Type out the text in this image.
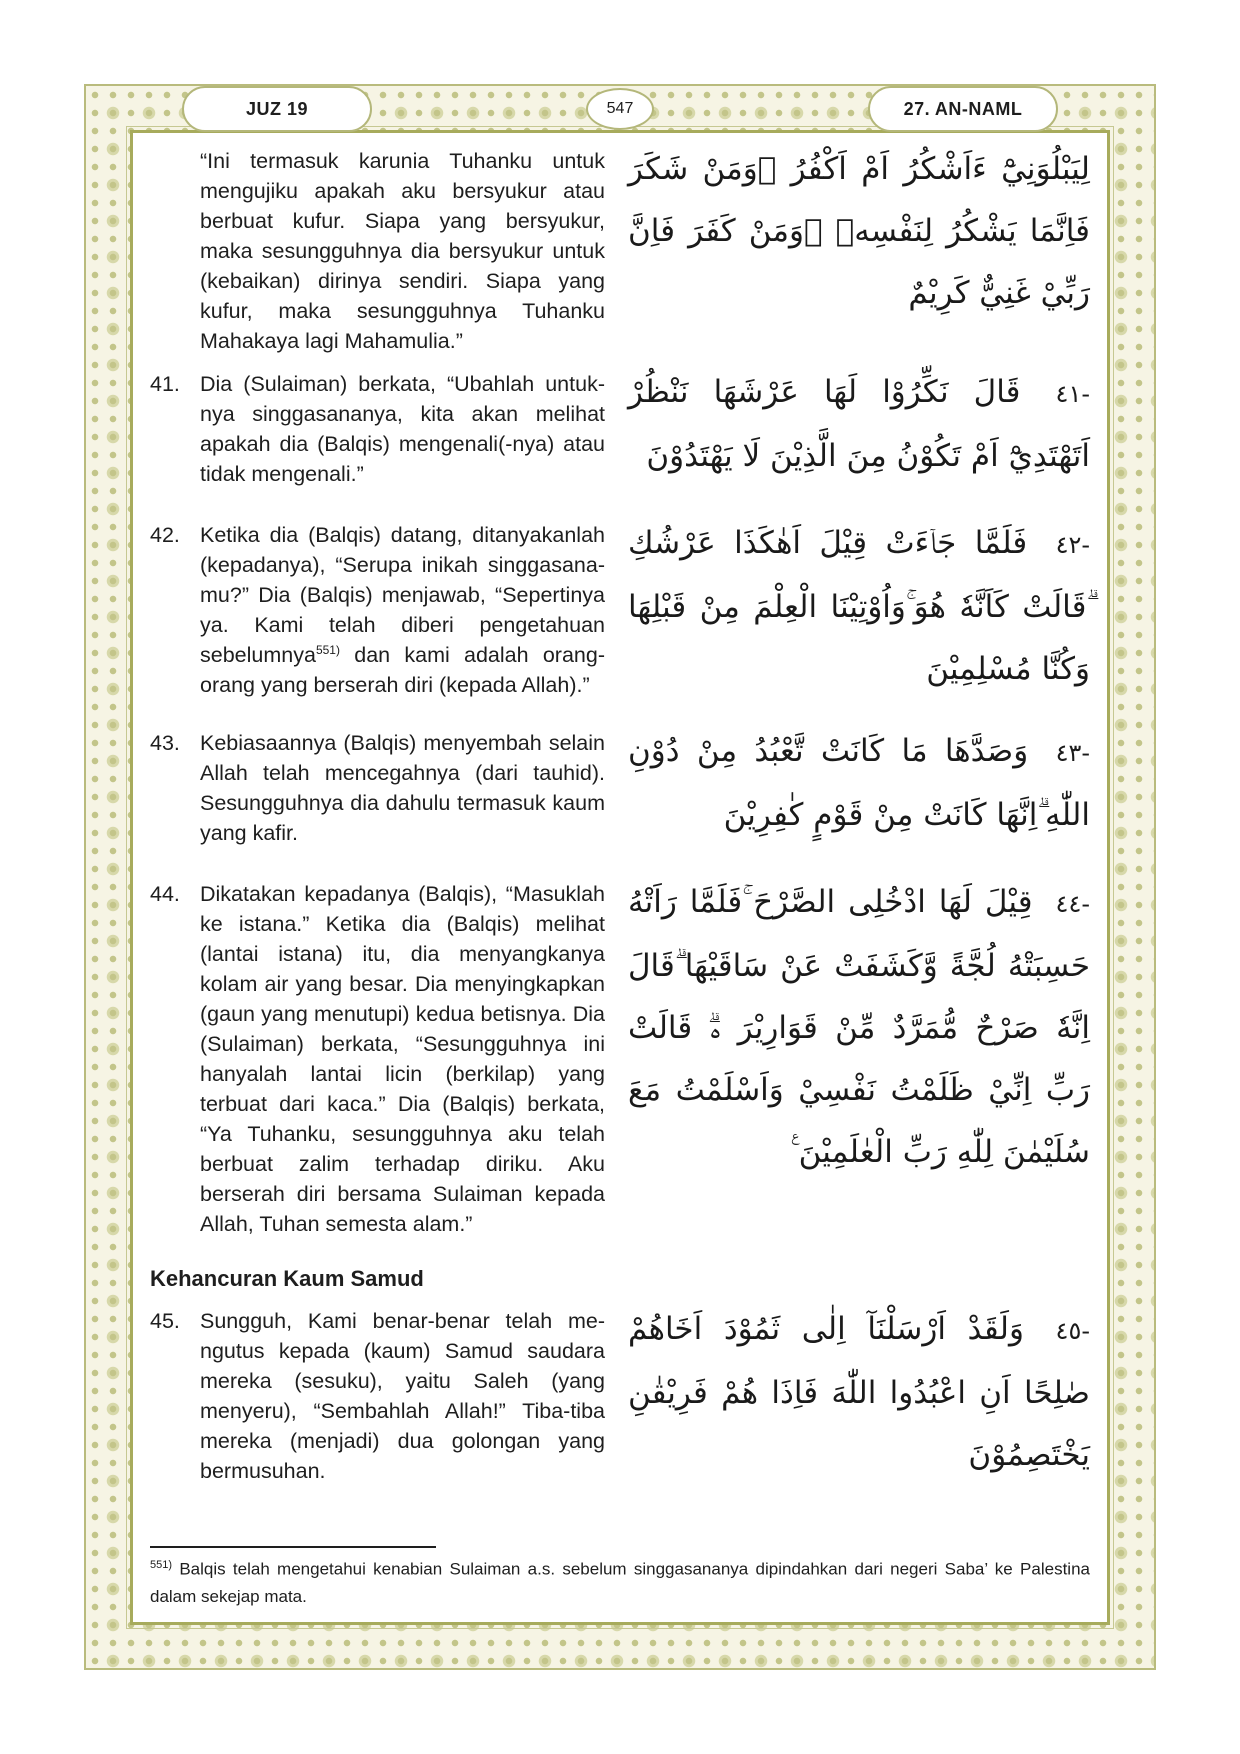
JUZ 19	547	27. AN-NAML
“Ini termasuk karunia Tuhanku untuk mengujiku apakah aku bersyukur atau berbuat kufur. Siapa yang bersyukur, maka sesungguhnya dia bersyukur untuk (kebaikan) dirinya sendiri. Siapa yang kufur, maka sesungguhnya Tuhanku Mahakaya lagi Mahamulia.”
لِيَبْلُوَنِيْٓ ءَاَشْكُرُ اَمْ اَكْفُرُ ۗوَمَنْ شَكَرَ فَاِنَّمَا يَشْكُرُ لِنَفْسِهٖ ۚوَمَنْ كَفَرَ فَاِنَّ رَبِّيْ غَنِيٌّ كَرِيْمٌ
41. Dia (Sulaiman) berkata, “Ubahlah untuknya singgasananya, kita akan melihat apakah dia (Balqis) mengenali(-nya) atau tidak mengenali.”
-٤١ قَالَ نَكِّرُوْا لَهَا عَرْشَهَا نَنْظُرْ اَتَهْتَدِيْٓ اَمْ تَكُوْنُ مِنَ الَّذِيْنَ لَا يَهْتَدُوْنَ
42. Ketika dia (Balqis) datang, ditanyakanlah (kepadanya), “Serupa inikah singgasanamu?” Dia (Balqis) menjawab, “Sepertinya ya. Kami telah diberi pengetahuan sebelumnya$^{551)}$ dan kami adalah orang-orang yang berserah diri (kepada Allah).”
-٤٢ فَلَمَّا جَاۤءَتْ قِيْلَ اَهٰكَذَا عَرْشُكِ ۗقَالَتْ كَاَنَّهٗ هُوَ ۚوَاُوْتِيْنَا الْعِلْمَ مِنْ قَبْلِهَا وَكُنَّا مُسْلِمِيْنَ
43. Kebiasaannya (Balqis) menyembah selain Allah telah mencegahnya (dari tauhid). Sesungguhnya dia dahulu termasuk kaum yang kafir.
-٤٣ وَصَدَّهَا مَا كَانَتْ تَّعْبُدُ مِنْ دُوْنِ اللّٰهِ ۗاِنَّهَا كَانَتْ مِنْ قَوْمٍ كٰفِرِيْنَ
44. Dikatakan kepadanya (Balqis), “Masuklah ke istana.” Ketika dia (Balqis) melihat (lantai istana) itu, dia menyangkanya kolam air yang besar. Dia menyingkapkan (gaun yang menutupi) kedua betisnya. Dia (Sulaiman) berkata, “Sesungguhnya ini hanyalah lantai licin (berkilap) yang terbuat dari kaca.” Dia (Balqis) berkata, “Ya Tuhanku, sesungguhnya aku telah berbuat zalim terhadap diriku. Aku berserah diri bersama Sulaiman kepada Allah, Tuhan semesta alam.”
-٤٤ قِيْلَ لَهَا ادْخُلِى الصَّرْحَ ۚفَلَمَّا رَاَتْهُ حَسِبَتْهُ لُجَّةً وَّكَشَفَتْ عَنْ سَاقَيْهَا ۗقَالَ اِنَّهٗ صَرْحٌ مُّمَرَّدٌ مِّنْ قَوَارِيْرَ ەۗ قَالَتْ رَبِّ اِنِّيْ ظَلَمْتُ نَفْسِيْ وَاَسْلَمْتُ مَعَ سُلَيْمٰنَ لِلّٰهِ رَبِّ الْعٰلَمِيْنَ ࣖ
Kehancuran Kaum Samud
45. Sungguh, Kami benar-benar telah mengutus kepada (kaum) Samud saudara mereka (sesuku), yaitu Saleh (yang menyeru), “Sembahlah Allah!” Tiba-tiba mereka (menjadi) dua golongan yang bermusuhan.
-٤٥ وَلَقَدْ اَرْسَلْنَآ اِلٰى ثَمُوْدَ اَخَاهُمْ صٰلِحًا اَنِ اعْبُدُوا اللّٰهَ فَاِذَا هُمْ فَرِيْقٰنِ يَخْتَصِمُوْنَ
$^{551)}$ Balqis telah mengetahui kenabian Sulaiman a.s. sebelum singgasananya dipindahkan dari negeri Saba’ ke Palestina dalam sekejap mata.
